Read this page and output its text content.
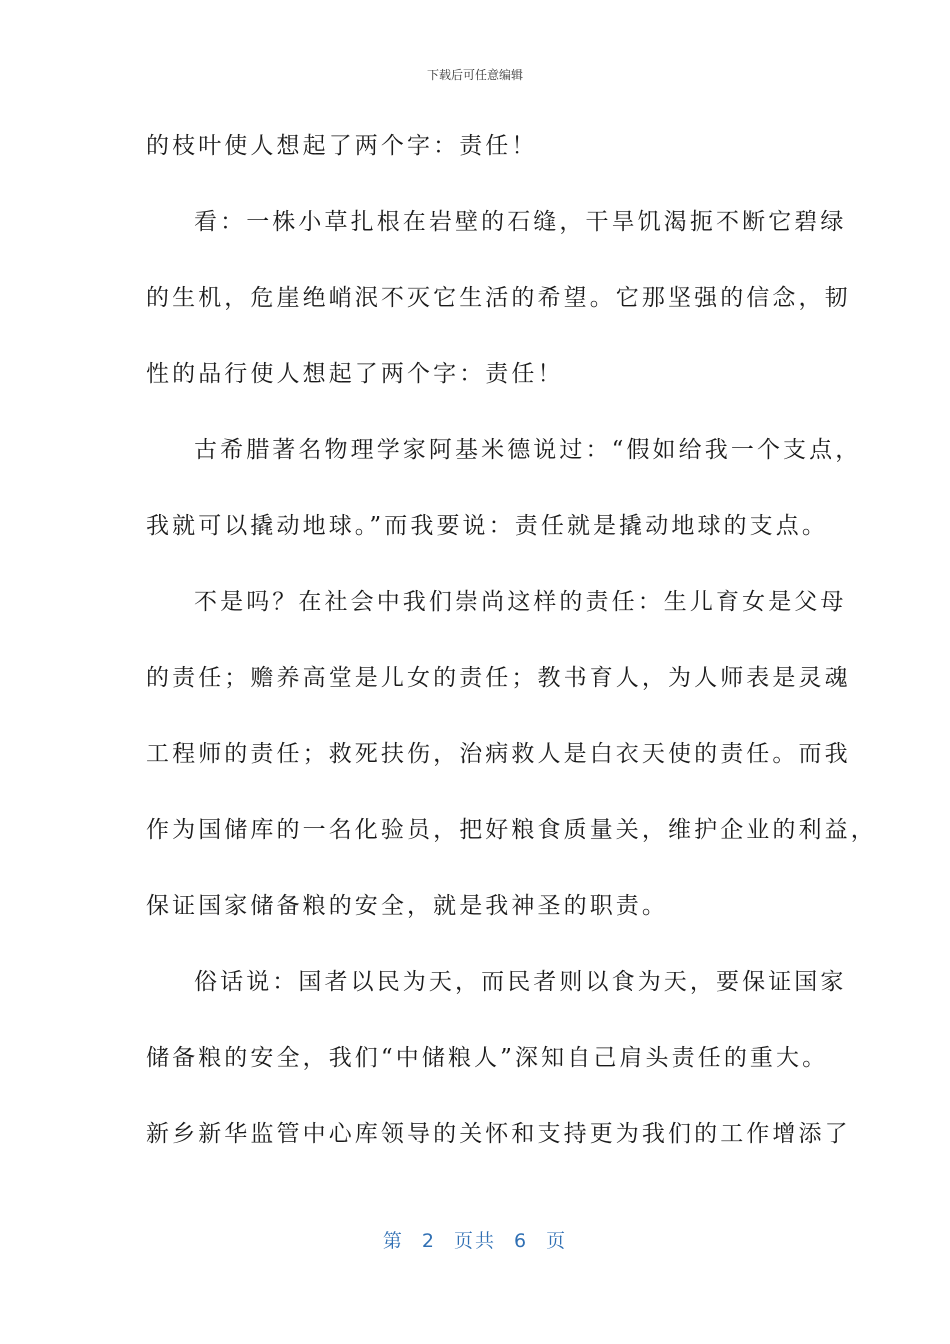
下载后可任意编辑
的枝叶使人想起了两个字：责任！
看：一株小草扎根在岩壁的石缝，干旱饥渴扼不断它碧绿
的生机，危崖绝峭泯不灭它生活的希望。它那坚强的信念，韧
性的品行使人想起了两个字：责任！
古希腊著名物理学家阿基米德说过：“假如给我一个支点，
我就可以撬动地球。”而我要说：责任就是撬动地球的支点。
不是吗？在社会中我们崇尚这样的责任：生儿育女是父母
的责任；赡养高堂是儿女的责任；教书育人，为人师表是灵魂
工程师的责任；救死扶伤，治病救人是白衣天使的责任。而我
作为国储库的一名化验员，把好粮食质量关，维护企业的利益，
保证国家储备粮的安全，就是我神圣的职责。
俗话说：国者以民为天，而民者则以食为天，要保证国家
储备粮的安全，我们“中储粮人”深知自己肩头责任的重大。
新乡新华监管中心库领导的关怀和支持更为我们的工作增添了
第 2 页共 6 页
